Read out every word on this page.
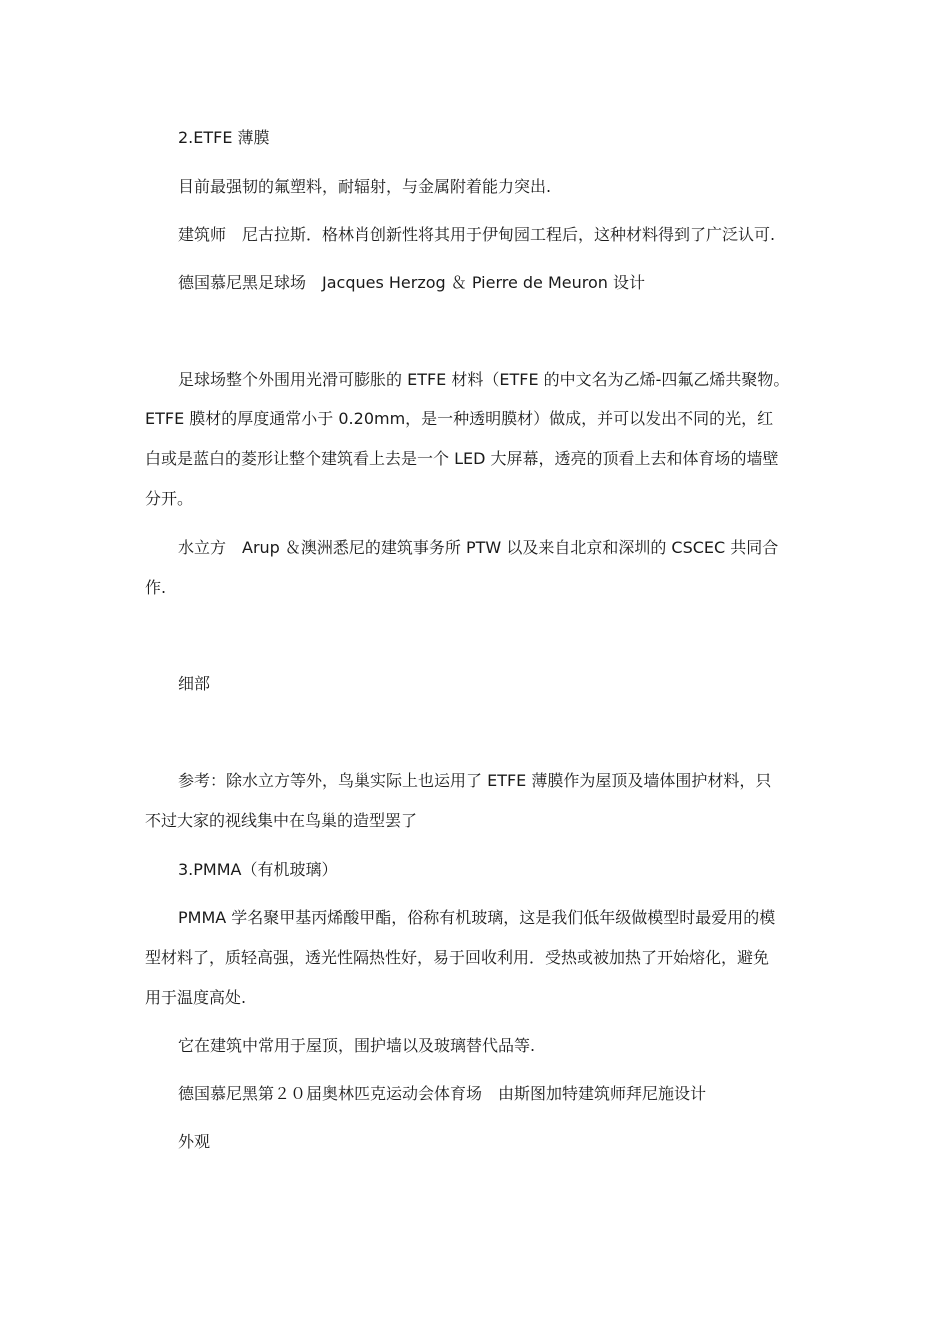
2.ETFE 薄膜
目前最强韧的氟塑料，耐辐射，与金属附着能力突出.
建筑师　尼古拉斯．格林肖创新性将其用于伊甸园工程后，这种材料得到了广泛认可.
德国慕尼黑足球场　Jacques Herzog ＆ Pierre de Meuron 设计
足球场整个外围用光滑可膨胀的 ETFE 材料（ETFE 的中文名为乙烯-四氟乙烯共聚物。
ETFE 膜材的厚度通常小于 0.20mm，是一种透明膜材）做成，并可以发出不同的光，红
白或是蓝白的菱形让整个建筑看上去是一个 LED 大屏幕，透亮的顶看上去和体育场的墙壁
分开。
水立方　Arup ＆澳洲悉尼的建筑事务所 PTW 以及来自北京和深圳的 CSCEC 共同合
作.
细部
参考：除水立方等外，鸟巢实际上也运用了 ETFE 薄膜作为屋顶及墙体围护材料，只
不过大家的视线集中在鸟巢的造型罢了
3.PMMA（有机玻璃）
PMMA 学名聚甲基丙烯酸甲酯，俗称有机玻璃，这是我们低年级做模型时最爱用的模
型材料了，质轻高强，透光性隔热性好，易于回收利用．受热或被加热了开始熔化，避免
用于温度高处.
它在建筑中常用于屋顶，围护墙以及玻璃替代品等.
德国慕尼黑第２０届奥林匹克运动会体育场　由斯图加特建筑师拜尼施设计
外观
